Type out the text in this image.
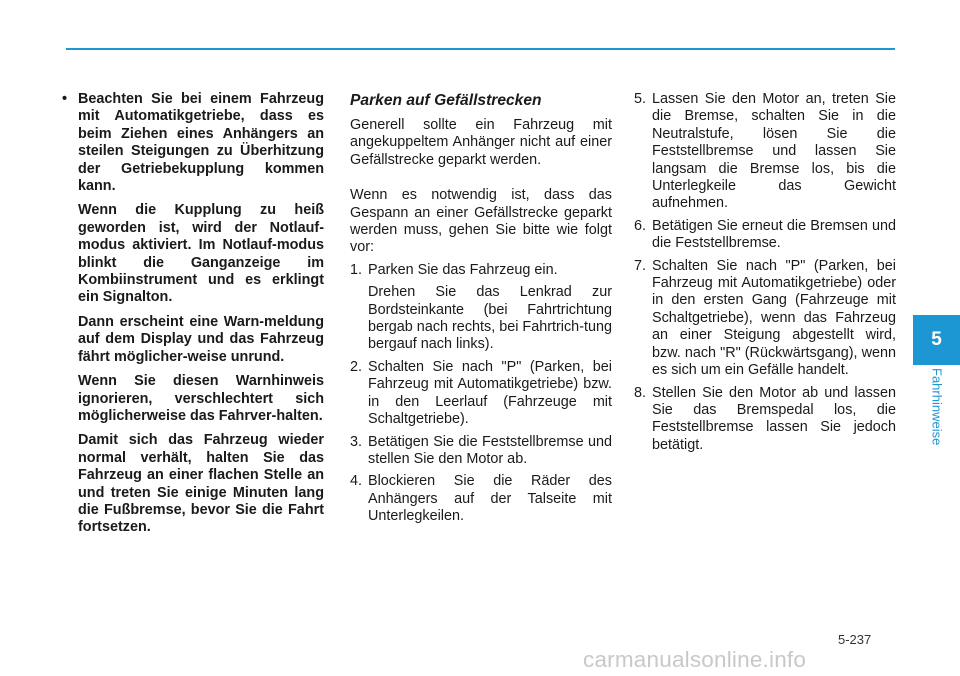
• Beachten Sie bei einem Fahrzeug mit Automatikgetriebe, dass es beim Ziehen eines Anhängers an steilen Steigungen zu Überhitzung der Getriebekupplung kommen kann.

Wenn die Kupplung zu heiß geworden ist, wird der Notlauf-modus aktiviert. Im Notlauf-modus blinkt die Ganganzeige im Kombiinstrument und es erklingt ein Signalton.

Dann erscheint eine Warn-meldung auf dem Display und das Fahrzeug fährt möglicher-weise unrund.

Wenn Sie diesen Warnhinweis ignorieren, verschlechtert sich möglicherweise das Fahrver-halten.

Damit sich das Fahrzeug wieder normal verhält, halten Sie das Fahrzeug an einer flachen Stelle an und treten Sie einige Minuten lang die Fußbremse, bevor Sie die Fahrt fortsetzen.

Parken auf Gefällstrecken

Generell sollte ein Fahrzeug mit angekuppeltem Anhänger nicht auf einer Gefällstrecke geparkt werden.

Wenn es notwendig ist, dass das Gespann an einer Gefällstrecke geparkt werden muss, gehen Sie bitte wie folgt vor:

1. Parken Sie das Fahrzeug ein.

Drehen Sie das Lenkrad zur Bordsteinkante (bei Fahrtrichtung bergab nach rechts, bei Fahrtrich-tung bergauf nach links).

2. Schalten Sie nach "P" (Parken, bei Fahrzeug mit Automatikgetriebe) bzw. in den Leerlauf (Fahrzeuge mit Schaltgetriebe).
3. Betätigen Sie die Feststellbremse und stellen Sie den Motor ab.
4. Blockieren Sie die Räder des Anhängers auf der Talseite mit Unterlegkeilen.
5. Lassen Sie den Motor an, treten Sie die Bremse, schalten Sie in die Neutralstufe, lösen Sie die Feststellbremse und lassen Sie langsam die Bremse los, bis die Unterlegkeile das Gewicht aufnehmen.
6. Betätigen Sie erneut die Bremsen und die Feststellbremse.
7. Schalten Sie nach "P" (Parken, bei Fahrzeug mit Automatikgetriebe) oder in den ersten Gang (Fahrzeuge mit Schaltgetriebe), wenn das Fahrzeug an einer Steigung abgestellt wird, bzw. nach "R" (Rückwärtsgang), wenn es sich um ein Gefälle handelt.
8. Stellen Sie den Motor ab und lassen Sie das Bremspedal los, die Feststellbremse lassen Sie jedoch betätigt.
5
Fahrhinweise
5-237
carmanualsonline.info
